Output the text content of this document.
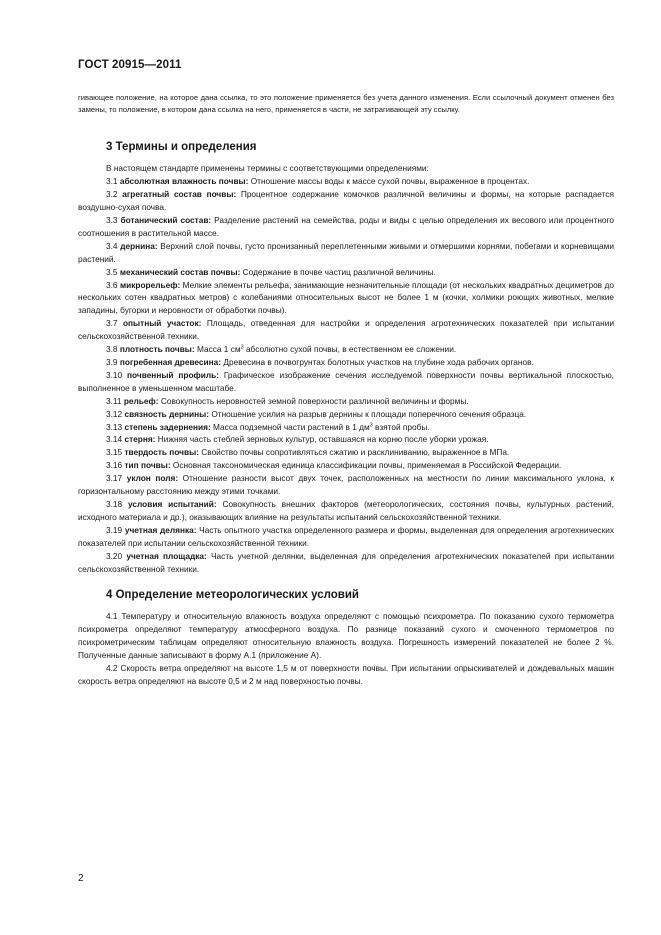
ГОСТ 20915—2011

гивающее положение, на которое дана ссылка, то это положение применяется без учета данного изменения. Если ссылочный документ отменен без замены, то положение, в котором дана ссылка на него, применяется в части, не затрагивающей эту ссылку.

3 Термины и определения

В настоящем стандарте применены термины с соответствующими определениями:

3.1 абсолютная влажность почвы: Отношение массы воды к массе сухой почвы, выраженное в процентах.

3.2 агрегатный состав почвы: Процентное содержание комочков различной величины и формы, на которые распадается воздушно-сухая почва.

3.3 ботанический состав: Разделение растений на семейства, роды и виды с целью определения их весового или процентного соотношения в растительной массе.

3.4 дернина: Верхний слой почвы, густо пронизанный переплетенными живыми и отмершими корнями, побегами и корневищами растений.

3.5 механический состав почвы: Содержание в почве частиц различной величины.

3.6 микрорельеф: Мелкие элементы рельефа, занимающие незначительные площади (от нескольких квадратных дециметров до нескольких сотен квадратных метров) с колебаниями относительных высот не более 1 м (кочки, холмики роющих животных, мелкие западины, бугорки и неровности от обработки почвы).

3.7 опытный участок: Площадь, отведенная для настройки и определения агротехнических показателей при испытании сельскохозяйственной техники.

3.8 плотность почвы: Масса 1 $см^3$ абсолютно сухой почвы, в естественном ее сложении.

3.9 погребенная древесина: Древесина в почвогрунтах болотных участков на глубине хода рабочих органов.

3.10 почвенный профиль: Графическое изображение сечения исследуемой поверхности почвы вертикальной плоскостью, выполненное в уменьшенном масштабе.

3.11 рельеф: Совокупность неровностей земной поверхности различной величины и формы.

3.12 связность дернины: Отношение усилия на разрыв дернины к площади поперечного сечения образца.

3.13 степень задернения: Масса подземной части растений в 1 $дм^3$ взятой пробы.

3.14 стерня: Нижняя часть стеблей зерновых культур, оставшаяся на корню после уборки урожая.

3.15 твердость почвы: Свойство почвы сопротивляться сжатию и расклиниванию, выраженное в МПа.

3.16 тип почвы: Основная таксономическая единица классификации почвы, применяемая в Российской Федерации.

3.17 уклон поля: Отношение разности высот двух точек, расположенных на местности по линии максимального уклона, к горизонтальному расстоянию между этими точками.

3.18 условия испытаний: Совокупность внешних факторов (метеорологических, состояния почвы, культурных растений, исходного материала и др.), оказывающих влияние на результаты испытаний сельскохозяйственной техники.

3.19 учетная делянка: Часть опытного участка определенного размера и формы, выделенная для определения агротехнических показателей при испытании сельскохозяйственной техники.

3.20 учетная площадка: Часть учетной делянки, выделенная для определения агротехнических показателей при испытании сельскохозяйственной техники.

4 Определение метеорологических условий

4.1 Температуру и относительную влажность воздуха определяют с помощью психрометра. По показанию сухого термометра психрометра определяют температуру атмосферного воздуха. По разнице показаний сухого и смоченного термометров по психрометрическим таблицам определяют относительную влажность воздуха. Погрешность измерений показателей не более 2 %. Полученные данные записывают в форму А.1 (приложение А).

4.2 Скорость ветра определяют на высоте 1,5 м от поверхности почвы. При испытании опрыскивателей и дождевальных машин скорость ветра определяют на высоте 0,5 и 2 м над поверхностью почвы.

2
